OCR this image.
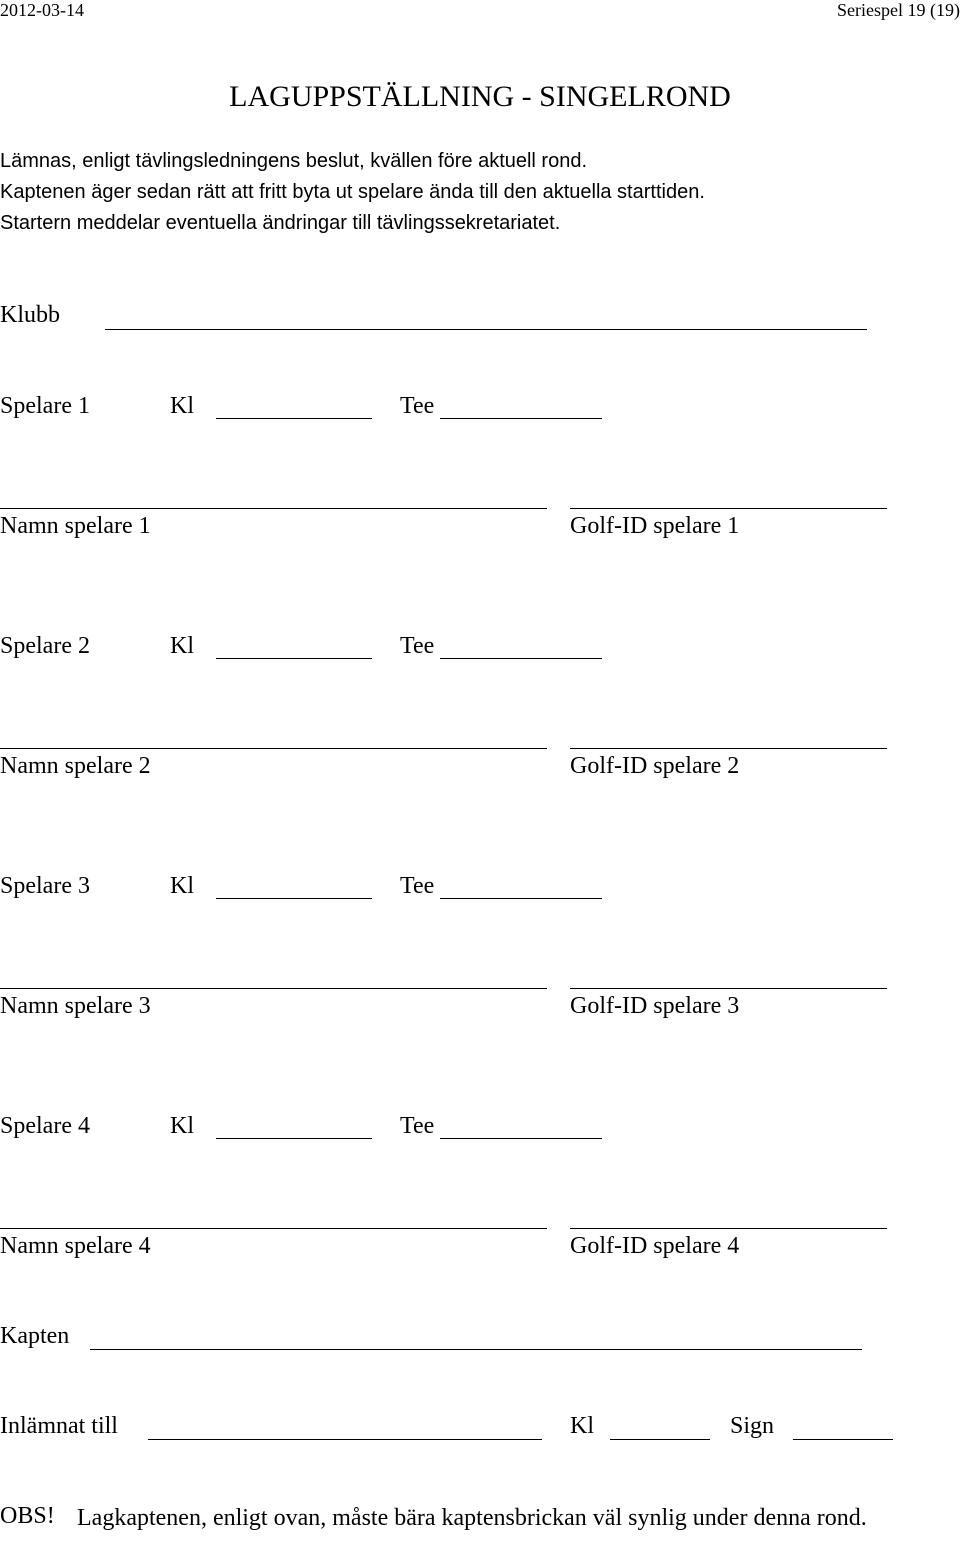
2012-03-14	Seriespel 19 (19)
LAGUPPSTÄLLNING - SINGELROND
Lämnas, enligt tävlingsledningens beslut, kvällen före aktuell rond.
Kaptenen äger sedan rätt att fritt byta ut spelare ända till den aktuella starttiden.
Startern meddelar eventuella ändringar till tävlingssekretariatet.
Klubb
Spelare 1	Kl	Tee
Namn spelare 1	Golf-ID spelare 1
Spelare 2	Kl	Tee
Namn spelare 2	Golf-ID spelare 2
Spelare 3	Kl	Tee
Namn spelare 3	Golf-ID spelare 3
Spelare 4	Kl	Tee
Namn spelare 4	Golf-ID spelare 4
Kapten
Inlämnat till	Kl	Sign
OBS! Lagkaptenen, enligt ovan, måste bära kaptensbrickan väl synlig under denna rond.
